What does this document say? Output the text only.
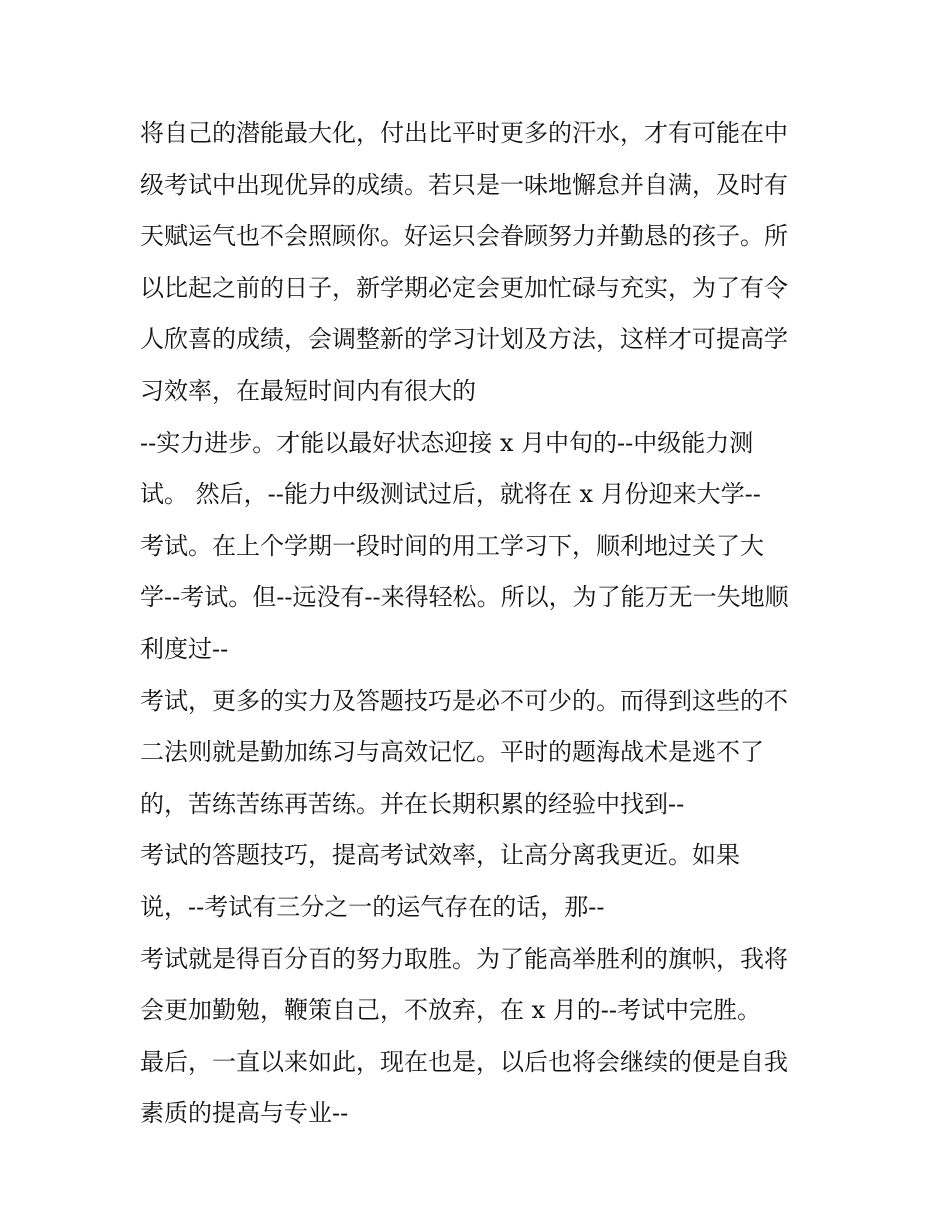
将自己的潜能最大化，付出比平时更多的汗水，才有可能在中
级考试中出现优异的成绩。若只是一味地懈怠并自满，及时有
天赋运气也不会照顾你。好运只会眷顾努力并勤恳的孩子。所
以比起之前的日子，新学期必定会更加忙碌与充实，为了有令
人欣喜的成绩，会调整新的学习计划及方法，这样才可提高学
习效率，在最短时间内有很大的
--实力进步。才能以最好状态迎接 x 月中旬的--中级能力测
试。 然后，--能力中级测试过后，就将在 x 月份迎来大学--
考试。在上个学期一段时间的用工学习下，顺利地过关了大
学--考试。但--远没有--来得轻松。所以，为了能万无一失地顺
利度过--
考试，更多的实力及答题技巧是必不可少的。而得到这些的不
二法则就是勤加练习与高效记忆。平时的题海战术是逃不了
的，苦练苦练再苦练。并在长期积累的经验中找到--
考试的答题技巧，提高考试效率，让高分离我更近。如果
说，--考试有三分之一的运气存在的话，那--
考试就是得百分百的努力取胜。为了能高举胜利的旗帜，我将
会更加勤勉，鞭策自己，不放弃，在 x 月的--考试中完胜。
最后，一直以来如此，现在也是，以后也将会继续的便是自我
素质的提高与专业--
